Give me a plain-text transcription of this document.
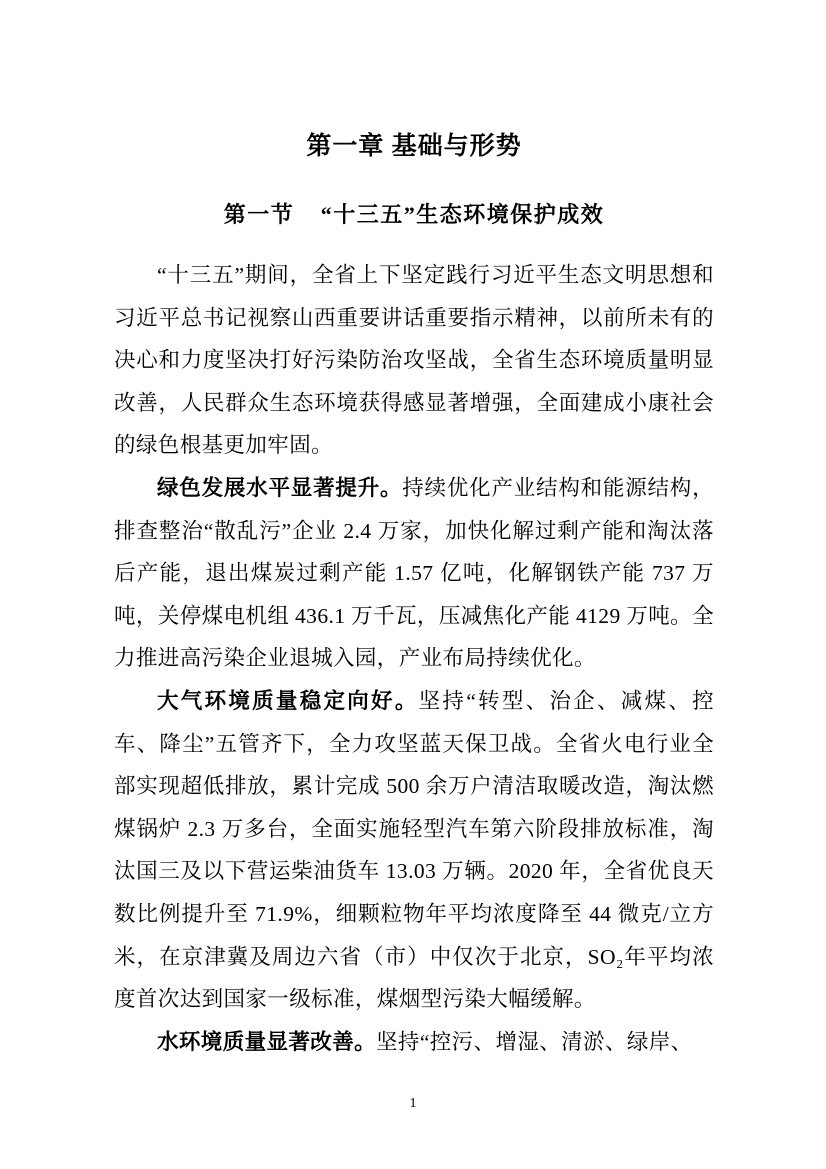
第一章 基础与形势
第一节 “十三五”生态环境保护成效

“十三五”期间，全省上下坚定践行习近平生态文明思想和习近平总书记视察山西重要讲话重要指示精神，以前所未有的决心和力度坚决打好污染防治攻坚战，全省生态环境质量明显改善，人民群众生态环境获得感显著增强，全面建成小康社会的绿色根基更加牢固。

绿色发展水平显著提升。持续优化产业结构和能源结构，排查整治“散乱污”企业 2.4 万家，加快化解过剩产能和淘汰落后产能，退出煤炭过剩产能 1.57 亿吨，化解钢铁产能 737 万吨，关停煤电机组 436.1 万千瓦，压减焦化产能 4129 万吨。全力推进高污染企业退城入园，产业布局持续优化。

大气环境质量稳定向好。坚持“转型、治企、减煤、控车、降尘”五管齐下，全力攻坚蓝天保卫战。全省火电行业全部实现超低排放，累计完成 500 余万户清洁取暖改造，淘汰燃煤锅炉 2.3 万多台，全面实施轻型汽车第六阶段排放标准，淘汰国三及以下营运柴油货车 13.03 万辆。2020 年，全省优良天数比例提升至 71.9%，细颗粒物年平均浓度降至 44 微克/立方米，在京津冀及周边六省（市）中仅次于北京，SO₂年平均浓度首次达到国家一级标准，煤烟型污染大幅缓解。

水环境质量显著改善。坚持“控污、增湿、清淤、绿岸、

1
